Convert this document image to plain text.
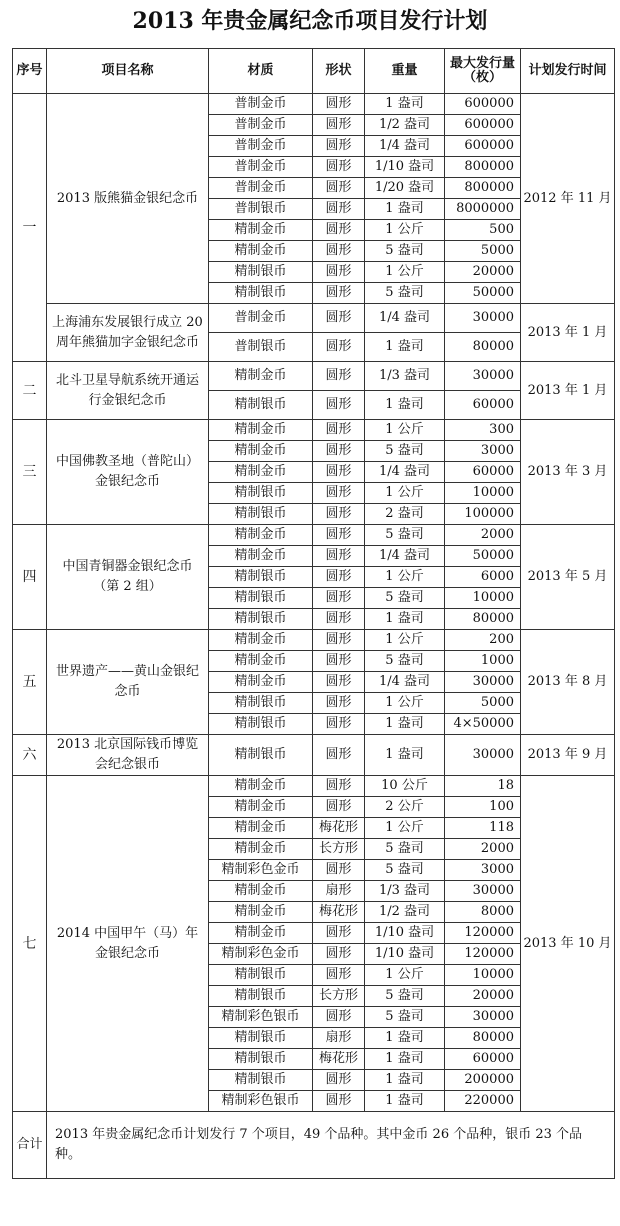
2013 年贵金属纪念币项目发行计划
序号	项目名称	材质	形状	重量	最大发行量（枚）	计划发行时间
一	2013 版熊猫金银纪念币	普制金币	圆形	1 盎司	600000	2012 年 11 月
		普制金币	圆形	1/2 盎司	600000	
		普制金币	圆形	1/4 盎司	600000	
		普制金币	圆形	1/10 盎司	800000	
		普制金币	圆形	1/20 盎司	800000	
		普制银币	圆形	1 盎司	8000000	
		精制金币	圆形	1 公斤	500	
		精制金币	圆形	5 盎司	5000	
		精制银币	圆形	1 公斤	20000	
		精制银币	圆形	5 盎司	50000	
	上海浦东发展银行成立 20 周年熊猫加字金银纪念币	普制金币	圆形	1/4 盎司	30000	2013 年 1 月
		普制银币	圆形	1 盎司	80000	
二	北斗卫星导航系统开通运行金银纪念币	精制金币	圆形	1/3 盎司	30000	2013 年 1 月
		精制银币	圆形	1 盎司	60000	
三	中国佛教圣地（普陀山）金银纪念币	精制金币	圆形	1 公斤	300	2013 年 3 月
		精制金币	圆形	5 盎司	3000	
		精制金币	圆形	1/4 盎司	60000	
		精制银币	圆形	1 公斤	10000	
		精制银币	圆形	2 盎司	100000	
四	中国青铜器金银纪念币（第 2 组）	精制金币	圆形	5 盎司	2000	2013 年 5 月
		精制金币	圆形	1/4 盎司	50000	
		精制银币	圆形	1 公斤	6000	
		精制银币	圆形	5 盎司	10000	
		精制银币	圆形	1 盎司	80000	
五	世界遗产——黄山金银纪念币	精制金币	圆形	1 公斤	200	2013 年 8 月
		精制金币	圆形	5 盎司	1000	
		精制金币	圆形	1/4 盎司	30000	
		精制银币	圆形	1 公斤	5000	
		精制银币	圆形	1 盎司	4×50000	
六	2013 北京国际钱币博览会纪念银币	精制银币	圆形	1 盎司	30000	2013 年 9 月
七	2014 中国甲午（马）年金银纪念币	精制金币	圆形	10 公斤	18	2013 年 10 月
		精制金币	圆形	2 公斤	100	
		精制金币	梅花形	1 公斤	118	
		精制金币	长方形	5 盎司	2000	
		精制彩色金币	圆形	5 盎司	3000	
		精制金币	扇形	1/3 盎司	30000	
		精制金币	梅花形	1/2 盎司	8000	
		精制金币	圆形	1/10 盎司	120000	
		精制彩色金币	圆形	1/10 盎司	120000	
		精制银币	圆形	1 公斤	10000	
		精制银币	长方形	5 盎司	20000	
		精制彩色银币	圆形	5 盎司	30000	
		精制银币	扇形	1 盎司	80000	
		精制银币	梅花形	1 盎司	60000	
		精制银币	圆形	1 盎司	200000	
		精制彩色银币	圆形	1 盎司	220000	
合计	2013 年贵金属纪念币计划发行 7 个项目，49 个品种。其中金币 26 个品种，银币 23 个品种。					
